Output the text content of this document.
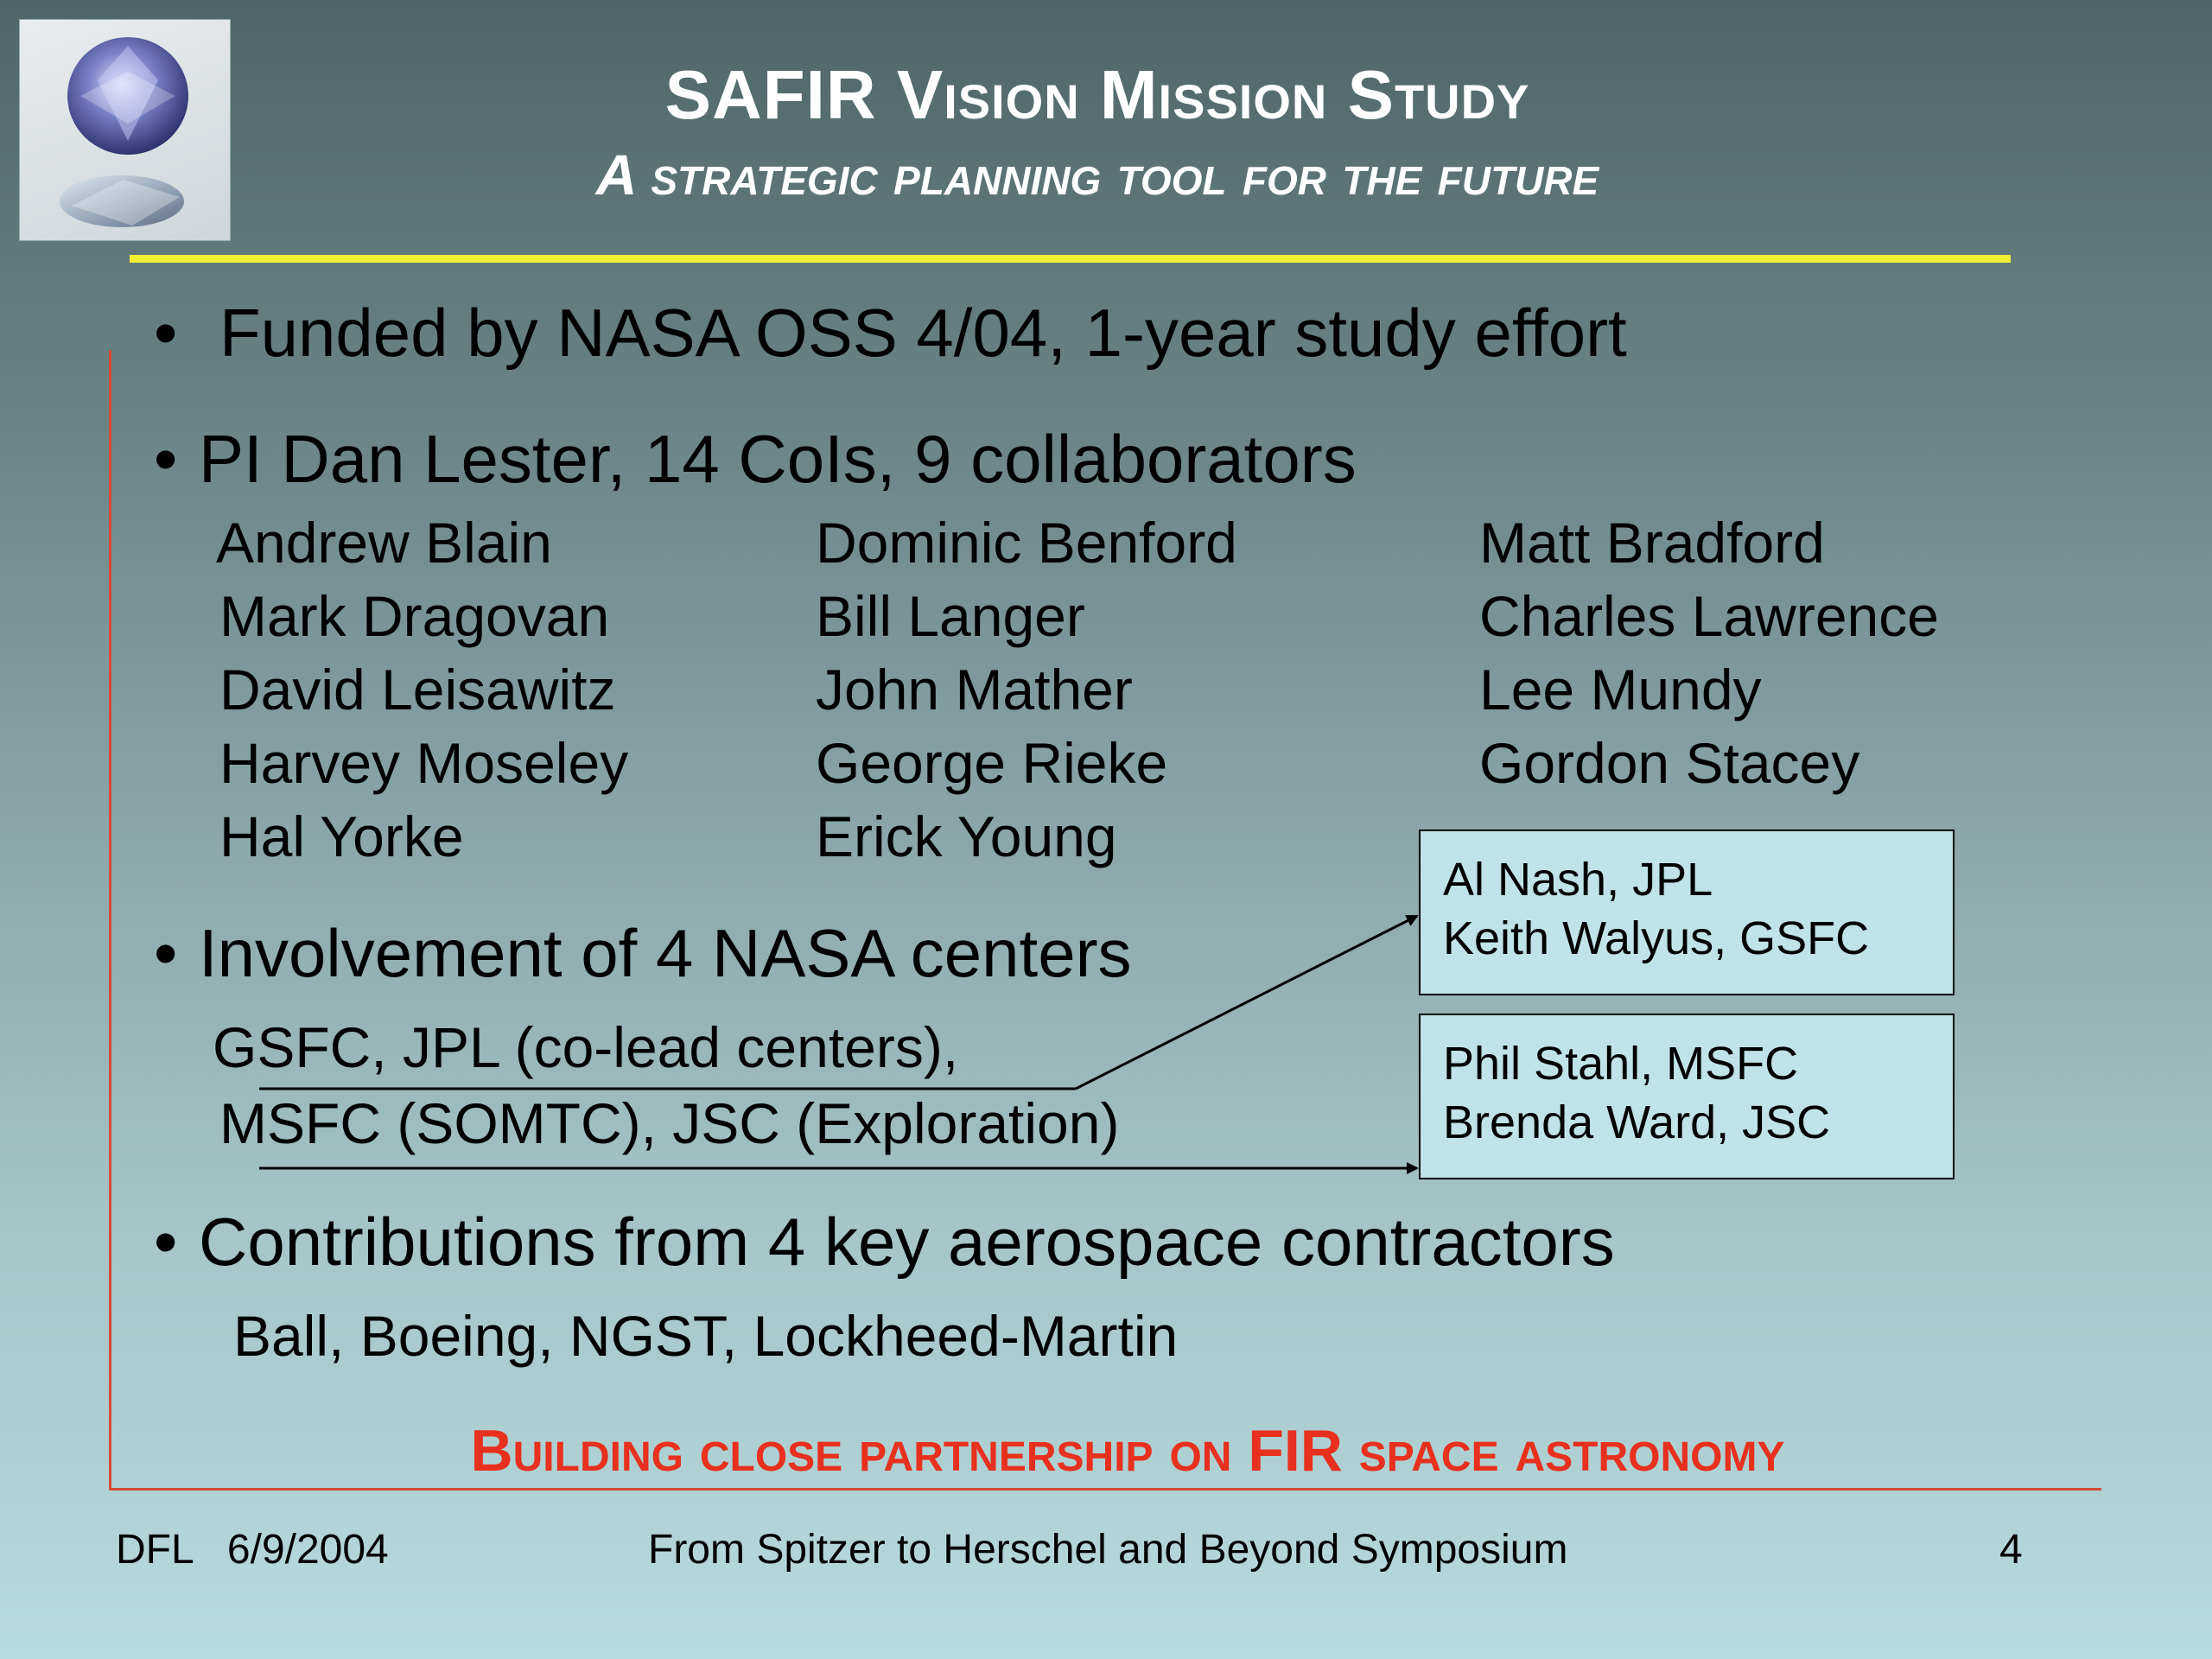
SAFIR Vision Mission Study
A strategic planning tool for the future
• Funded by NASA OSS 4/04, 1-year study effort
• PI Dan Lester, 14 CoIs, 9 collaborators
Andrew Blain
Mark Dragovan
David Leisawitz
Harvey Moseley
Hal Yorke
Dominic Benford
Bill Langer
John Mather
George Rieke
Erick Young
Matt Bradford
Charles Lawrence
Lee Mundy
Gordon Stacey
• Involvement of 4 NASA centers
GSFC, JPL (co-lead centers),
MSFC (SOMTC), JSC (Exploration)
Al Nash, JPL
Keith Walyus, GSFC
Phil Stahl, MSFC
Brenda Ward, JSC
• Contributions from 4 key aerospace contractors
Ball, Boeing, NGST, Lockheed-Martin
Building close partnership on FIR space astronomy
DFL   6/9/2004	From Spitzer to Herschel and Beyond Symposium	4
